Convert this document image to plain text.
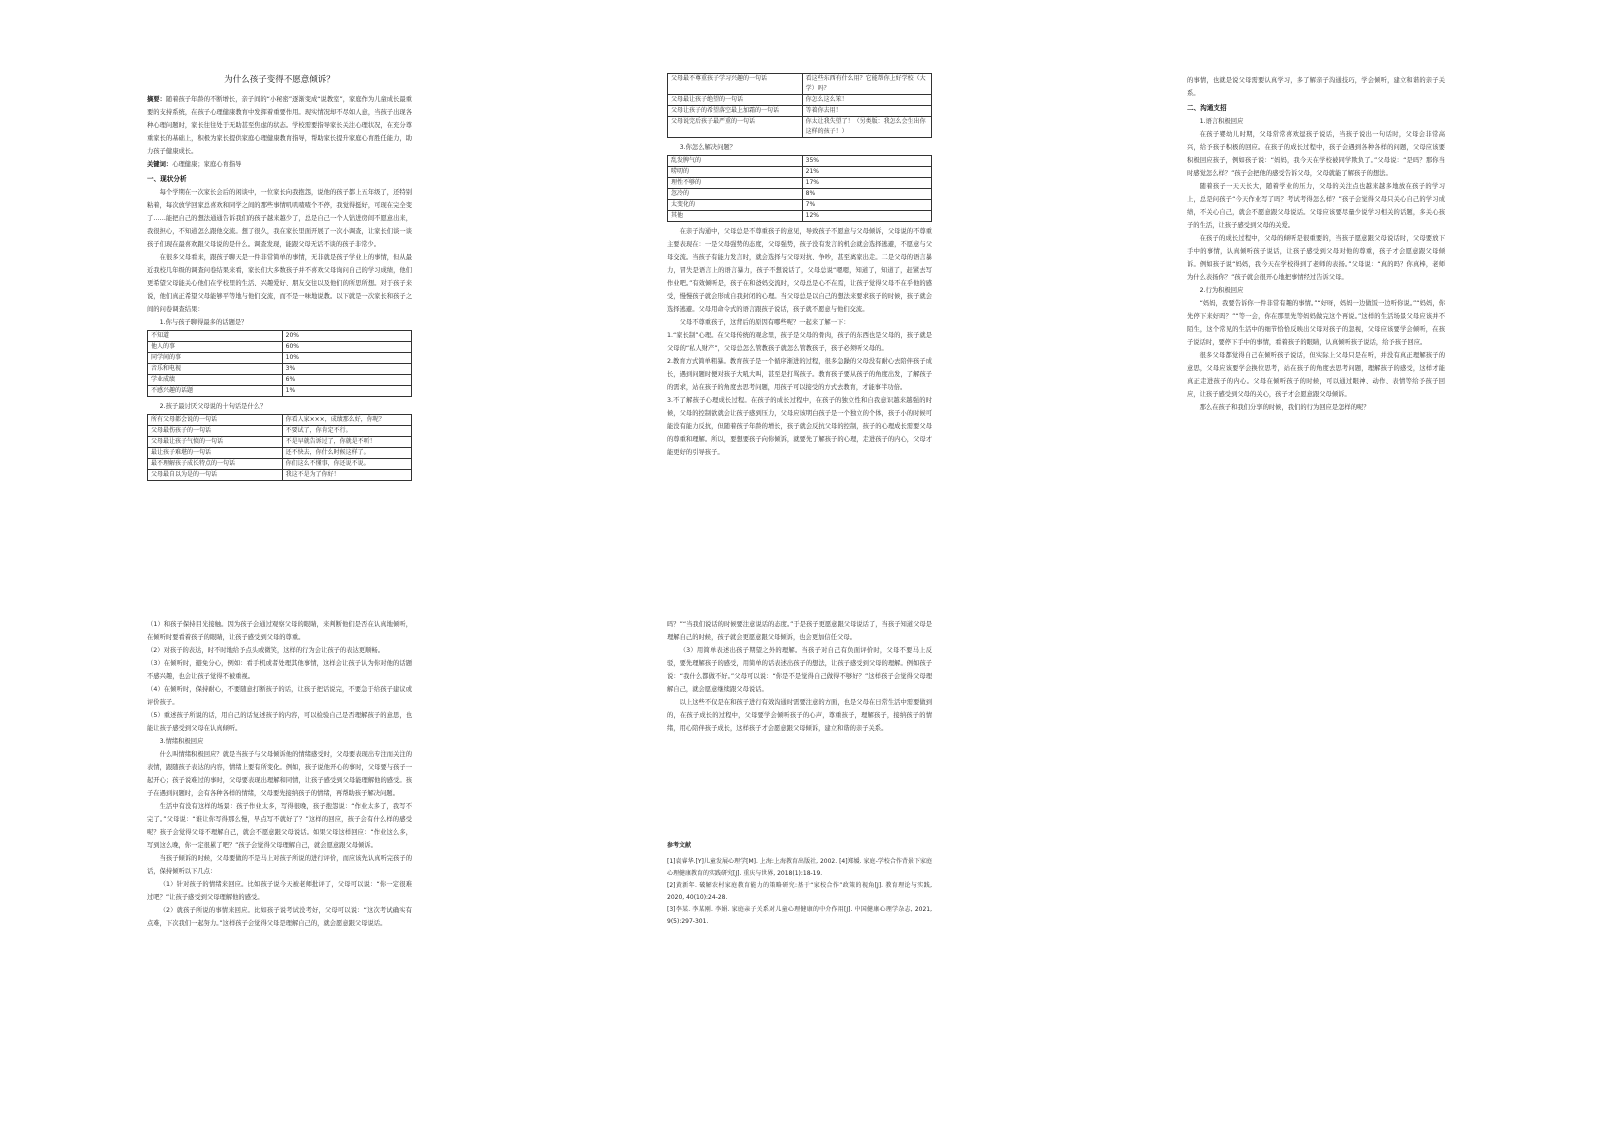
为什么孩子变得不愿意倾诉？

摘要：随着孩子年龄的不断增长，亲子间的“小秘密”逐渐变成“说教室”，家庭作为儿童成长最重要的支持系统，在孩子心理健康教育中发挥着重要作用。现实情况却不尽如人意，当孩子出现各种心理问题时，家长往往处于无助甚至焦虑的状态。学校需要指导家长关注心理状况，在充分尊重家长的基础上，积极为家长提供家庭心理健康教育指导，帮助家长提升家庭心育胜任能力，助力孩子健康成长。

关键词：心理健康；家庭心育指导

一、现状分析

每个学期在一次家长会后的闲谈中，一位家长向我抱怨，说他的孩子都上五年级了，还特别粘着，每次放学回家总喜欢和同学之间的那些事情叽叽喳喳个不停，我觉得挺好，可现在完全变了……能把自己的想法通通告诉我们的孩子越来越少了，总是自己一个人钻进房间不愿意出来，我很担心，不知道怎么跟他交流。想了很久，我在家长里面开展了一次小调查，让家长们谈一谈孩子们现在最喜欢跟父母说的是什么。调查发现，能跟父母无话不谈的孩子非常少。

在很多父母看来，跟孩子聊天是一件非常简单的事情，无非就是孩子学业上的事情，但从最近我校几年级的调查问卷结果来看，家长们大多数孩子并不喜欢父母询问自己的学习成绩，他们更希望父母能关心他们在学校里的生活、兴趣爱好、朋友交往以及他们的所思所想。对于孩子来说，他们真正希望父母能够平等地与他们交流，而不是一味地说教。以下就是一次家长和孩子之间的问卷调查结果：

1.你与孩子聊得最多的话题是？

不知道	20%
他人的事	60%
同学间的事	10%
音乐和电视	3%
学业成绩	6%
不感兴趣的话题	1%

2.孩子最讨厌父母说的十句话是什么？

所有父母都会说的一句话	你看人家×××，成绩那么好，你呢？
父母最伤孩子的一句话	不要试了，你肯定不行。
父母最让孩子气愤的一句话	不是早就告诉过了，你就是不听！
最让孩子难堪的一句话	还不快去，你什么时候这样了。
最不理解孩子成长特点的一句话	你们这么不懂事，你还说不说。
父母最自以为是的一句话	我这不是为了你好！
父母最不尊重孩子学习兴趣的一句话	看这些东西有什么用？它能帮你上好学校（大学）吗？
父母最让孩子绝望的一句话	你怎么这么笨！
父母让孩子的希望落空最上加霜的一句话	等着你去用！
父母说完后孩子最严重的一句话	你太让我失望了！（另类版：我怎么会生出你这样的孩子！）

3.你怎么解决问题？

乱发脾气的	35%
唠叨的	21%
理性不够的	17%
忽冷的	8%
太变化的	7%
其他	12%

在亲子沟通中，父母总是不尊重孩子的意见，导致孩子不愿意与父母倾诉，父母说的不尊重主要表现在：一是父母强势的态度，父母强势，孩子没有发言的机会就会选择逃避，不愿意与父母交流。当孩子有能力发言时，就会选择与父母对抗、争吵，甚至离家出走。二是父母的语言暴力，冒失是语言上的语言暴力，孩子不想说话了，父母总说“嗯嗯，知道了，知道了，赶紧去写作业吧。”有效倾听是，孩子在和爸妈交流时，父母总是心不在焉，让孩子觉得父母不在乎他的感受，慢慢孩子就会形成自我封闭的心理。当父母总是以自己的想法来要求孩子的时候，孩子就会选择逃避。父母用命令式的语言跟孩子说话，孩子就不愿意与他们交流。

父母不尊重孩子，这背后的原因有哪些呢？一起来了解一下：

1.“家长制”心理。在父母传统的观念里，孩子是父母的骨肉，孩子的东西也是父母的，孩子就是父母的“私人财产”，父母总怎么管教孩子就怎么管教孩子，孩子必须听父母的。

2.教育方式简单粗暴。教育孩子是一个循序渐进的过程，很多急躁的父母没有耐心去陪伴孩子成长，遇到问题时便对孩子大吼大叫，甚至是打骂孩子。教育孩子要从孩子的角度出发，了解孩子的需求，站在孩子的角度去思考问题，用孩子可以接受的方式去教育，才能事半功倍。

3.不了解孩子心理成长过程。在孩子的成长过程中，在孩子的独立性和自我意识越来越强的时候，父母的控制欲就会让孩子感到压力，父母应该明白孩子是一个独立的个体，孩子小的时候可能没有能力反抗，但随着孩子年龄的增长，孩子就会反抗父母的控制，孩子的心理成长需要父母的尊重和理解。所以，要想要孩子向你倾诉，就要先了解孩子的心理，走进孩子的内心，父母才能更好的引导孩子。

的事情，也就是说父母需要认真学习，多了解亲子沟通技巧，学会倾听，建立和谐的亲子关系。

二、沟通支招

1.语言积极回应

在孩子婴幼儿时期，父母常常喜欢逗孩子说话，当孩子说出一句话时，父母会非常高兴，给予孩子积极的回应。在孩子的成长过程中，孩子会遇到各种各样的问题，父母应该要积极回应孩子，例如孩子说：“妈妈，我今天在学校被同学欺负了。”父母说：“是吗？那你当时感觉怎么样？”孩子会把他的感受告诉父母，父母就能了解孩子的想法。

随着孩子一天天长大，随着学业的压力，父母的关注点也越来越多地放在孩子的学习上，总是问孩子“今天作业写了吗？考试考得怎么样？”孩子会觉得父母只关心自己的学习成绩，不关心自己，就会不愿意跟父母说话。父母应该要尽量少说学习相关的话题，多关心孩子的生活，让孩子感受到父母的关爱。

在孩子的成长过程中，父母的倾听是很重要的，当孩子愿意跟父母说话时，父母要放下手中的事情，认真倾听孩子说话，让孩子感受到父母对他的尊重，孩子才会愿意跟父母倾诉。例如孩子说“妈妈，我今天在学校得到了老师的表扬。”父母说：“真的吗？你真棒，老师为什么表扬你？”孩子就会很开心地把事情经过告诉父母。

2.行为积极回应

“妈妈，我要告诉你一件非常有趣的事情。”“好呀，妈妈一边做饭一边听你说。”“妈妈，你先停下来好吗？”“等一会，你在那里先等妈妈做完这个再说。”这样的生活场景父母应该并不陌生，这个常见的生活中的细节恰恰反映出父母对孩子的忽视，父母应该要学会倾听，在孩子说话时，要停下手中的事情，看着孩子的眼睛，认真倾听孩子说话，给予孩子回应。

很多父母都觉得自己在倾听孩子说话，但实际上父母只是在听，并没有真正理解孩子的意思，父母应该要学会换位思考，站在孩子的角度去思考问题，理解孩子的感受，这样才能真正走进孩子的内心。父母在倾听孩子的时候，可以通过眼神、动作、表情等给予孩子回应，让孩子感受到父母的关心，孩子才会愿意跟父母倾诉。

那么在孩子和我们分享的时候，我们的行为回应是怎样的呢？

（1）和孩子保持目光接触。因为孩子会通过观察父母的眼睛，来判断他们是否在认真地倾听，在倾听时要看着孩子的眼睛，让孩子感受到父母的尊重。

（2）对孩子的表达，时不时地给予点头或微笑，这样的行为会让孩子的表达更顺畅。

（3）在倾听时，避免分心，例如：看手机或者处理其他事情，这样会让孩子认为你对他的话题不感兴趣，也会让孩子觉得不被重视。

（4）在倾听时，保持耐心，不要随意打断孩子的话，让孩子把话说完，不要急于给孩子建议或评价孩子。

（5）重述孩子所说的话，用自己的话复述孩子的内容，可以检验自己是否理解孩子的意思，也能让孩子感受到父母在认真倾听。

3.情绪积极回应

什么叫情绪积极回应？就是当孩子与父母倾诉他的情绪感受时，父母要表现出专注而关注的表情，跟随孩子表达的内容，情绪上要有所变化。例如，孩子说他开心的事时，父母要与孩子一起开心；孩子说难过的事时，父母要表现出理解和同情，让孩子感受到父母能理解他的感受。孩子在遇到问题时，会有各种各样的情绪，父母要先接纳孩子的情绪，再帮助孩子解决问题。

生活中有没有这样的场景：孩子作业太多，写得很晚，孩子抱怨说：“作业太多了，我写不完了。”父母说：“谁让你写得那么慢，早点写不就好了？”这样的回应，孩子会有什么样的感受呢？孩子会觉得父母不理解自己，就会不愿意跟父母说话。如果父母这样回应：“作业这么多，写到这么晚，你一定很累了吧？”孩子会觉得父母理解自己，就会愿意跟父母倾诉。

当孩子倾诉的时候，父母要做的不是马上对孩子所说的进行评价，而应该先认真听完孩子的话，保持倾听以下几点：

（1）针对孩子的情绪来回应。比如孩子说今天被老师批评了，父母可以说：“你一定很难过吧？”让孩子感受到父母理解他的感受。

（2）就孩子所说的事情来回应。比如孩子说考试没考好，父母可以说：“这次考试确实有点难，下次我们一起努力。”这样孩子会觉得父母是理解自己的，就会愿意跟父母说话。

吗？”“当我们说话的时候要注意说话的态度。”于是孩子更愿意跟父母说话了，当孩子知道父母是理解自己的时候，孩子就会更愿意跟父母倾诉，也会更加信任父母。

（3）用简单表述出孩子期望之外的理解。当孩子对自己有负面评价时，父母不要马上反驳，要先理解孩子的感受，用简单的话表述出孩子的想法，让孩子感受到父母的理解。例如孩子说：“我什么都做不好。”父母可以说：“你是不是觉得自己做得不够好？”这样孩子会觉得父母理解自己，就会愿意继续跟父母说话。

以上这些不仅是在和孩子进行有效沟通时需要注意的方面，也是父母在日常生活中需要做到的，在孩子成长的过程中，父母要学会倾听孩子的心声，尊重孩子，理解孩子，接纳孩子的情绪，用心陪伴孩子成长，这样孩子才会愿意跟父母倾诉，建立和谐的亲子关系。

参考文献

[1]袁睿华.[Y]儿童发展心理学[M]. 上海:上海教育出版社, 2002. [4]郑媛. 家庭-学校合作背景下家庭心理健康教育的实践研究[J]. 重庆与世界, 2018(1):18-19.

[2]黄新年. 破解农村家庭教育能力的策略研究:基于“家校合作”政策的视角[J]. 教育理论与实践, 2020, 40(10):24-28.

[3]李某. 李某刚. 李娟. 家庭亲子关系对儿童心理健康的中介作用[J]. 中国健康心理学杂志, 2021, 9(5):297-301.
